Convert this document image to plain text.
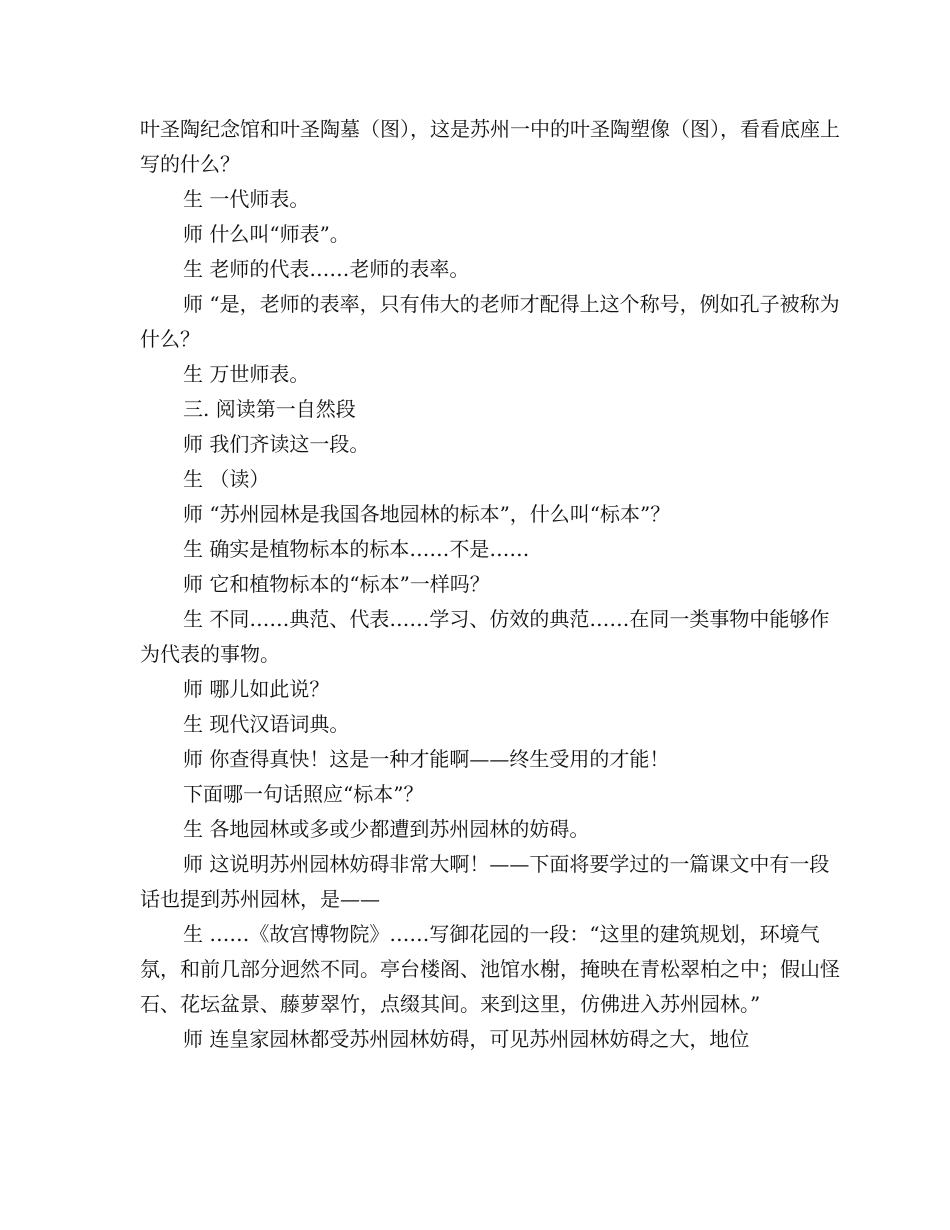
叶圣陶纪念馆和叶圣陶墓（图），这是苏州一中的叶圣陶塑像（图），看看底座上写的什么？

生 一代师表。

师 什么叫“师表”。

生 老师的代表……老师的表率。

师 “是，老师的表率，只有伟大的老师才配得上这个称号，例如孔子被称为什么？

生 万世师表。

三. 阅读第一自然段

师 我们齐读这一段。

生 （读）

师 “苏州园林是我国各地园林的标本”，什么叫“标本”？

生 确实是植物标本的标本……不是……

师 它和植物标本的“标本”一样吗？

生 不同……典范、代表……学习、仿效的典范……在同一类事物中能够作为代表的事物。

师 哪儿如此说？

生 现代汉语词典。

师 你查得真快！这是一种才能啊——终生受用的才能！

下面哪一句话照应“标本”？

生 各地园林或多或少都遭到苏州园林的妨碍。

师 这说明苏州园林妨碍非常大啊！——下面将要学过的一篇课文中有一段话也提到苏州园林，是——

生 ……《故宫博物院》……写御花园的一段：“这里的建筑规划，环境气氛，和前几部分迥然不同。亭台楼阁、池馆水榭，掩映在青松翠柏之中；假山怪石、花坛盆景、藤萝翠竹，点缀其间。来到这里，仿佛进入苏州园林。”

师 连皇家园林都受苏州园林妨碍，可见苏州园林妨碍之大，地位
